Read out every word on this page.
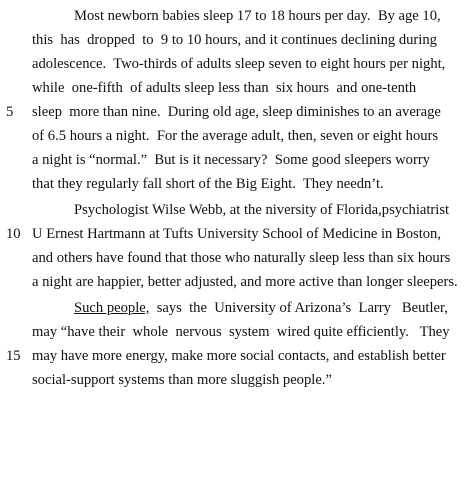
Most newborn babies sleep 17 to 18 hours per day.  By age 10,
this  has  dropped  to  9 to 10 hours, and it continues declining during
adolescence.  Two-thirds of adults sleep seven to eight hours per night,
while  one-fifth  of adults sleep less than  six hours  and one-tenth
5	sleep  more than nine.  During old age, sleep diminishes to an average
of 6.5 hours a night.  For the average adult, then, seven or eight hours
a night is “normal.”  But is it necessary?  Some good sleepers worry
that they regularly fall short of the Big Eight.  They needn’t.
Psychologist Wilse Webb, at the niversity of Florida,psychiatrist
10 U Ernest Hartmann at Tufts University School of Medicine in Boston,
and others have found that those who naturally sleep less than six hours
a night are happier, better adjusted, and more active than longer sleepers.
Such people,  says  the  University of Arizona’s  Larry   Beutler,
may “have their  whole  nervous  system  wired quite efficiently.   They
15 may have more energy, make more social contacts, and establish better
social-support systems than more sluggish people.”
